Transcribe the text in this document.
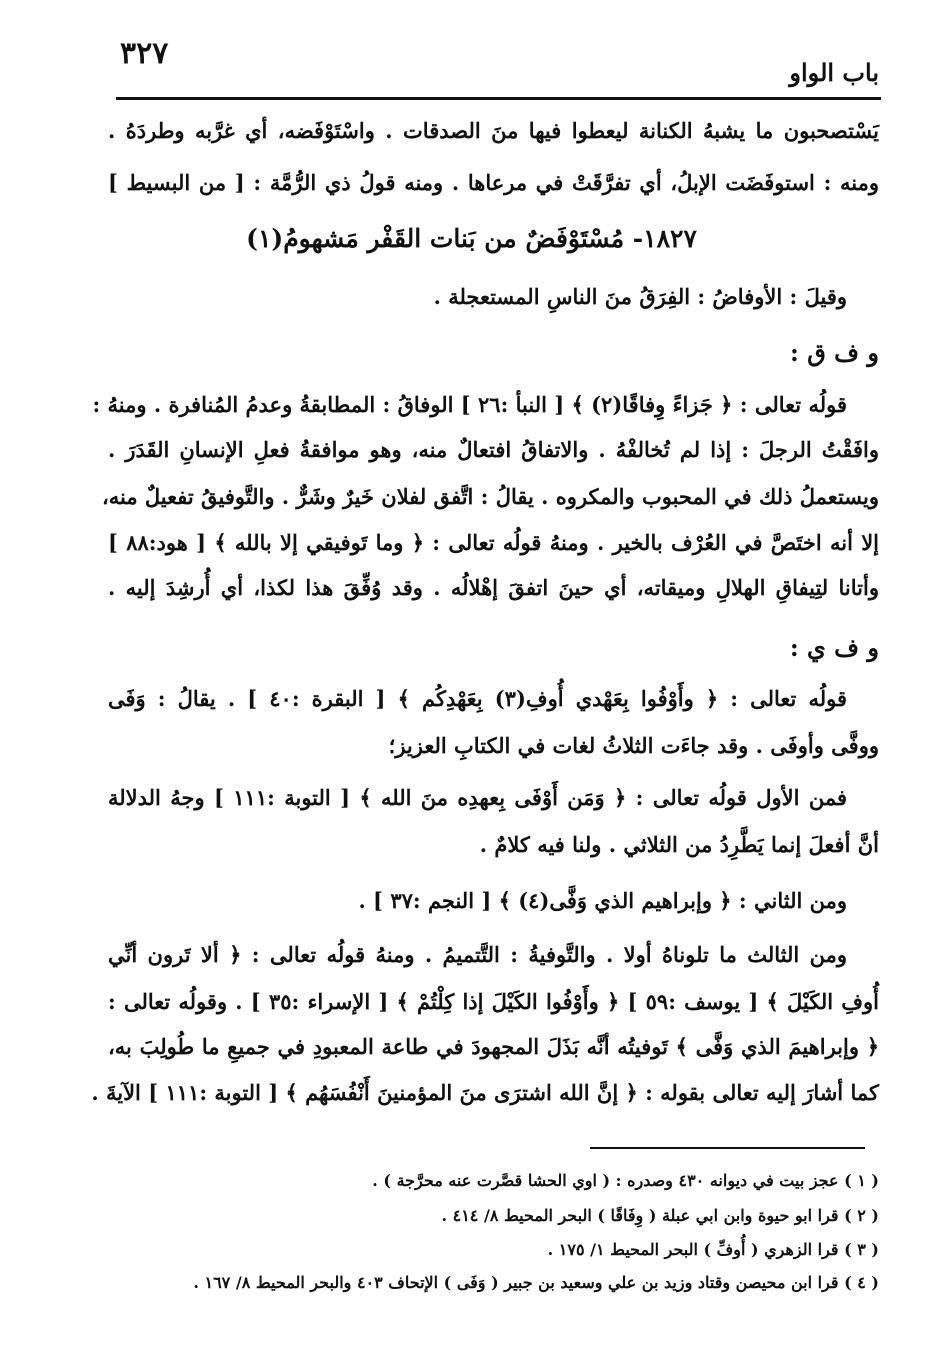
٣٢٧
باب الواو
يَسْتصحبون ما يشبهُ الكنانة ليعطوا فيها منَ الصدقات . واسْتَوْفَضه، أي غرَّبه وطردَهُ .
ومنه : استوفَضَت الإبلُ، أي تفرَّقَتْ في مرعاها . ومنه قولُ ذي الرُّمَّة : [ من البسيط ]
١٨٢٧- مُسْتَوْفَضٌ من بَنات القَفْر مَشهومُ(١)
وقيلَ : الأوفاضُ : الفِرَقُ منَ الناسِ المستعجلة .
و ف ق :
قولُه تعالى : ﴿ جَزاءً وِفاقًا(٢) ﴾ [ النبأ :٢٦ ] الوفاقُ : المطابقةُ وعدمُ المُنافرة . ومنهُ :
وافَقْتُ الرجلَ : إذا لم تُخالفْهُ . والاتفاقُ افتعالٌ منه، وهو موافقةُ فعلِ الإنسانِ القَدَرَ .
ويستعملُ ذلك في المحبوب والمكروه . يقالُ : اتَّفق لفلان خَيرٌ وشَرٌّ . والتَّوفيقُ تفعيلٌ منه،
إلا أنه اختَصَّ في العُرْف بالخير . ومنهُ قولُه تعالى : ﴿ وما تَوفيقي إلا بالله ﴾ [ هود:٨٨ ]
وأتانا لتِيفاقِ الهلالِ وميقاته، أي حينَ اتفقَ إهْلالُه . وقد وُفِّقَ هذا لكذا، أي أُرشِدَ إليه .
و ف ي :
قولُه تعالى : ﴿ وأَوْفُوا بِعَهْدي أُوفِ(٣) بِعَهْدِكُم ﴾ [ البقرة :٤٠ ] . يقالُ : وَفَى
ووفَّى وأوفَى . وقد جاءَت الثلاثُ لغات في الكتابِ العزيز؛
فمن الأول قولُه تعالى : ﴿ وَمَن أَوْفَى بِعهدِه منَ الله ﴾ [ التوبة :١١١ ] وجهُ الدلالة
أنَّ أفعلَ إنما يَطَّرِدُ من الثلاثي . ولنا فيه كلامٌ .
ومن الثاني : ﴿ وإبراهيم الذي وَفَّى(٤) ﴾ [ النجم :٣٧ ] .
ومن الثالث ما تلوناهُ أولا . والتَّوفيةُ : التَّتميمُ . ومنهُ قولُه تعالى : ﴿ ألا تَرون أنِّي
أُوفِ الكَيْلَ ﴾ [ يوسف :٥٩ ] ﴿ وأَوْفُوا الكَيْلَ إذا كِلْتُمْ ﴾ [ الإسراء :٣٥ ] . وقولُه تعالى :
﴿ وإبراهيمَ الذي وَفَّى ﴾ تَوفيتُه أنَّه بَذَلَ المجهودَ في طاعة المعبودِ في جميعِ ما طُولِبَ به،
كما أشارَ إليه تعالى بقوله : ﴿ إنَّ الله اشترَى منَ المؤمنينَ أَنْفُسَهُم ﴾ [ التوبة :١١١ ] الآيةَ .
( ١ ) عجز بيت في ديوانه ٤٣٠ وصدره : ( اوي الحشا قصَّرت عنه محرَّجة ) .
( ٢ ) قرا ابو حيوة وابن ابي عبلة ( وِفَاقًا ) البحر المحيط ٨/ ٤١٤ .
( ٣ ) قرا الزهري ( أُوفِّ ) البحر المحيط ١/ ١٧٥ .
( ٤ ) قرا ابن محيصن وقتاد وزيد بن علي وسعيد بن جبير ( وَفَى ) الإتحاف ٤٠٣ والبحر المحيط ٨/ ١٦٧ .
